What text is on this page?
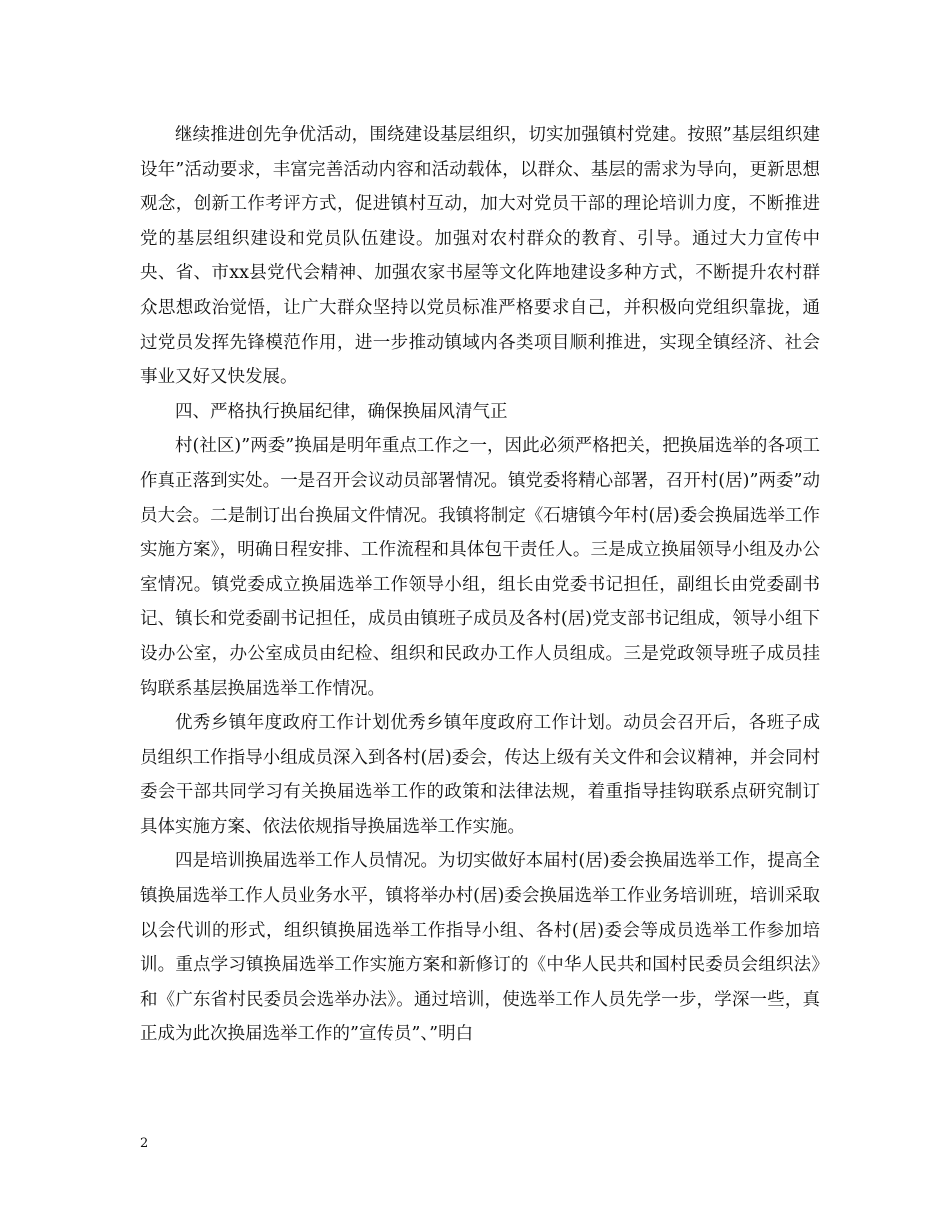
继续推进创先争优活动，围绕建设基层组织，切实加强镇村党建。按照”基层组织建设年”活动要求，丰富完善活动内容和活动载体，以群众、基层的需求为导向，更新思想观念，创新工作考评方式，促进镇村互动，加大对党员干部的理论培训力度，不断推进党的基层组织建设和党员队伍建设。加强对农村群众的教育、引导。通过大力宣传中央、省、市xx县党代会精神、加强农家书屋等文化阵地建设多种方式，不断提升农村群众思想政治觉悟，让广大群众坚持以党员标准严格要求自己，并积极向党组织靠拢，通过党员发挥先锋模范作用，进一步推动镇域内各类项目顺利推进，实现全镇经济、社会事业又好又快发展。

四、严格执行换届纪律，确保换届风清气正

村(社区)”两委”换届是明年重点工作之一，因此必须严格把关，把换届选举的各项工作真正落到实处。一是召开会议动员部署情况。镇党委将精心部署，召开村(居)”两委”动员大会。二是制订出台换届文件情况。我镇将制定《石塘镇今年村(居)委会换届选举工作实施方案》，明确日程安排、工作流程和具体包干责任人。三是成立换届领导小组及办公室情况。镇党委成立换届选举工作领导小组，组长由党委书记担任，副组长由党委副书记、镇长和党委副书记担任，成员由镇班子成员及各村(居)党支部书记组成，领导小组下设办公室，办公室成员由纪检、组织和民政办工作人员组成。三是党政领导班子成员挂钩联系基层换届选举工作情况。

优秀乡镇年度政府工作计划优秀乡镇年度政府工作计划。动员会召开后，各班子成员组织工作指导小组成员深入到各村(居)委会，传达上级有关文件和会议精神，并会同村委会干部共同学习有关换届选举工作的政策和法律法规，着重指导挂钩联系点研究制订具体实施方案、依法依规指导换届选举工作实施。

四是培训换届选举工作人员情况。为切实做好本届村(居)委会换届选举工作，提高全镇换届选举工作人员业务水平，镇将举办村(居)委会换届选举工作业务培训班，培训采取以会代训的形式，组织镇换届选举工作指导小组、各村(居)委会等成员选举工作参加培训。重点学习镇换届选举工作实施方案和新修订的《中华人民共和国村民委员会组织法》和《广东省村民委员会选举办法》。通过培训，使选举工作人员先学一步，学深一些，真正成为此次换届选举工作的”宣传员”、”明白

2
